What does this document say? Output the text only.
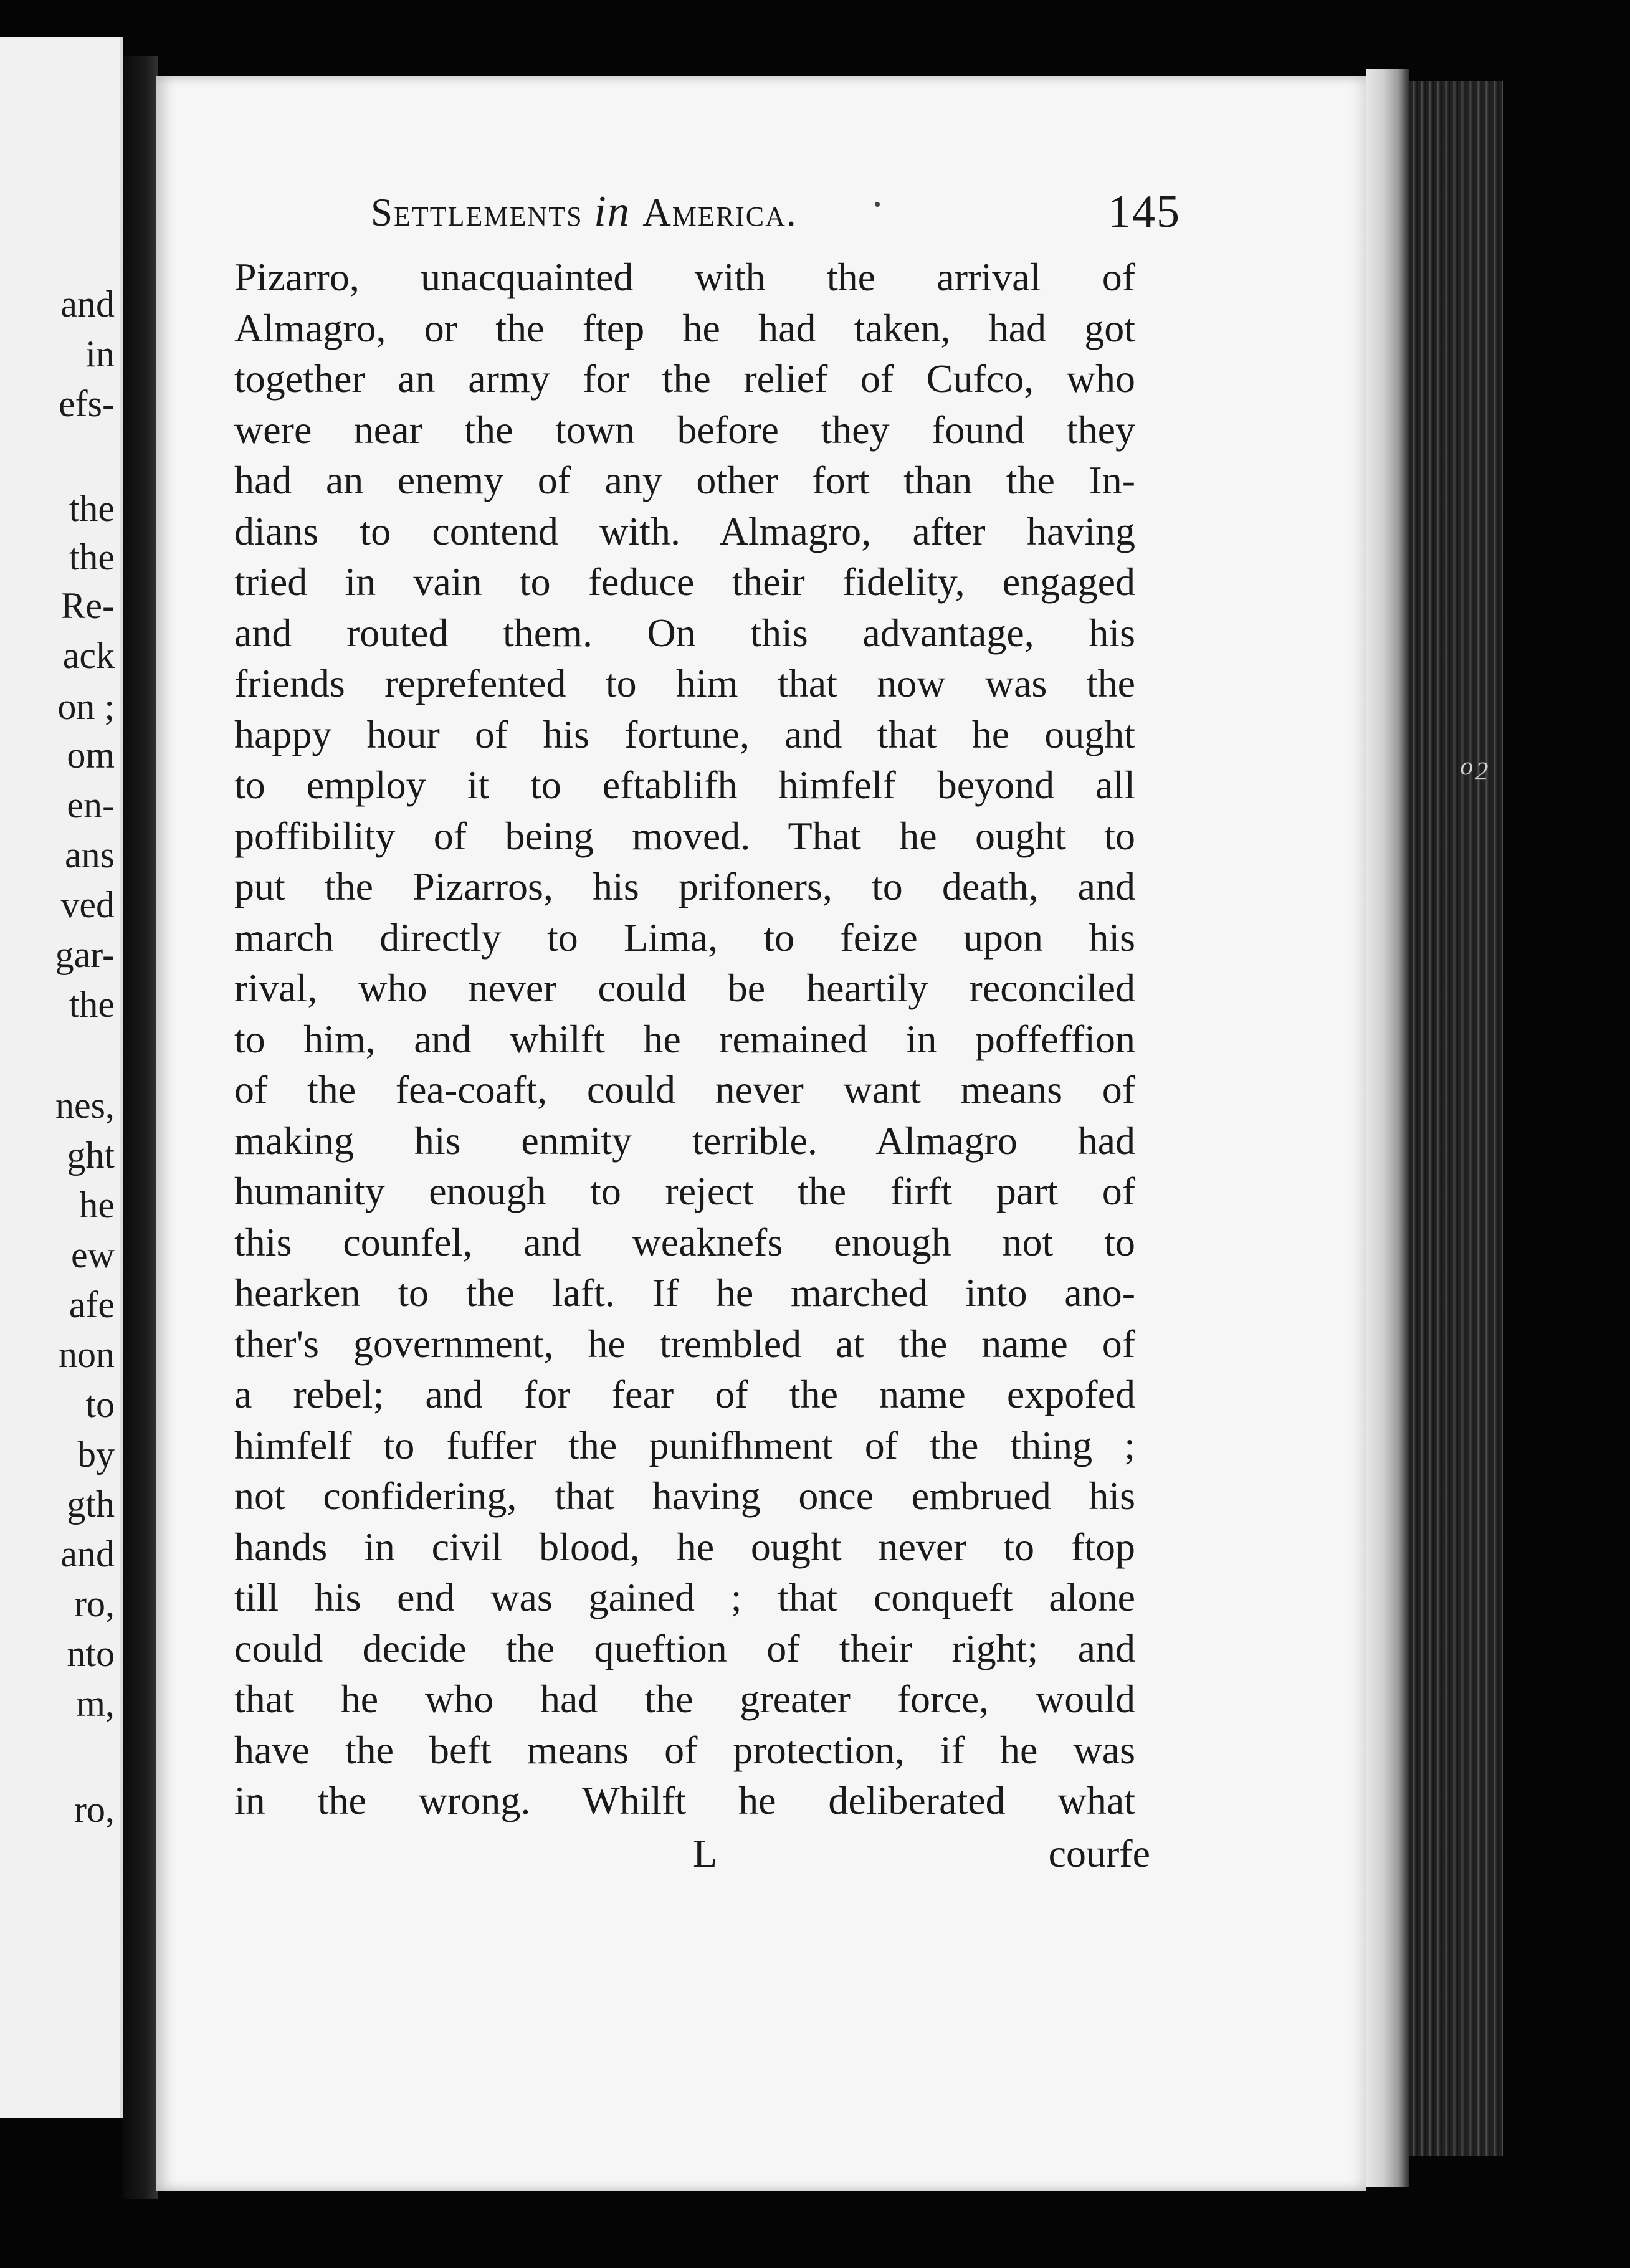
and
in
efs-
the
the
Re-
ack
on ;
om
en-
ans
ved
gar-
the
nes,
ght
he
ew
afe
non
to
by
gth
and
ro,
nto
m,
ro,
ₒ₂
Settlements in America.	145
Pizarro, unacquainted with the arrival of
Almagro, or the ftep he had taken, had got
together an army for the relief of Cufco, who
were near the town before they found they
had an enemy of any other fort than the In-
dians to contend with. Almagro, after having
tried in vain to feduce their fidelity, engaged
and routed them. On this advantage, his
friends reprefented to him that now was the
happy hour of his fortune, and that he ought
to employ it to eftablifh himfelf beyond all
poffibility of being moved. That he ought to
put the Pizarros, his prifoners, to death, and
march directly to Lima, to feize upon his
rival, who never could be heartily reconciled
to him, and whilft he remained in poffeffion
of the fea-coaft, could never want means of
making his enmity terrible. Almagro had
humanity enough to reject the firft part of
this counfel, and weaknefs enough not to
hearken to the laft. If he marched into ano-
ther's government, he trembled at the name of
a rebel; and for fear of the name expofed
himfelf to fuffer the punifhment of the thing ;
not confidering, that having once embrued his
hands in civil blood, he ought never to ftop
till his end was gained ; that conqueft alone
could decide the queftion of their right; and
that he who had the greater force, would
have the beft means of protection, if he was
in the wrong. Whilft he deliberated what
L	courfe
